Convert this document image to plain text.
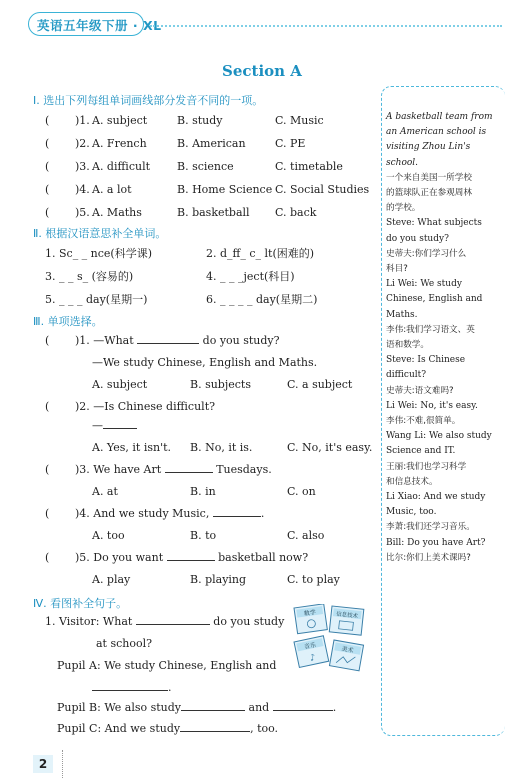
英语五年级下册 · XL
Section A
Ⅰ. 选出下列每组单词画线部分发音不同的一项。
( )1. A. subject	B. study	C. Music
( )2. A. French	B. American	C. PE
( )3. A. difficult B. science	C. timetable
( )4. A. a lot	B. Home Science C. Social Studies
( )5. A. Maths	B. basketball C. back
Ⅱ. 根据汉语意思补全单词。
1. Sc_ _ nce(科学课)	2. d_ff_ c_ lt(困难的)
3. _ _ s_ (容易的)	4. _ _ _ject(科目)
5. _ _ _ day(星期一)	6. _ _ _ _ day(星期二)
Ⅲ. 单项选择。
( )1. —What	do you study?
—We study Chinese, English and Maths.
A. subject	B. subjects	C. a subject
( )2. —Is Chinese difficult?
—
A. Yes, it isn't. B. No, it is.	C. No, it's easy.
( )3. We have Art	Tuesdays.
A. at	B. in	C. on
( )4. And we study Music,	.
A. too	B. to	C. also
( )5. Do you want	basketball now?
A. play	B. playing	C. to play
Ⅳ. 看图补全句子。
1. Visitor: What	do you study
at school?
Pupil A: We study Chinese, English and
.
Pupil B: We also study	and	.
Pupil C: And we study	, too.
数学	信息技术
音乐
♪
美术
A basketball team from
an American school is
visiting Zhou Lin's
school.
一个来自美国一所学校
的篮球队正在参观周林
的学校。
Steve: What subjects
do you study?
史蒂夫:你们学习什么
科目?
Li Wei: We study
Chinese, English and
Maths.
李伟:我们学习语文、英
语和数学。
Steve: Is Chinese
difficult?
史蒂夫:语文难吗?
Li Wei: No, it's easy.
李伟:不难,很简单。
Wang Li: We also study
Science and IT.
王丽:我们也学习科学
和信息技术。
Li Xiao: And we study
Music, too.
李萧:我们还学习音乐。
Bill: Do you have Art?
比尔:你们上美术课吗?
2
